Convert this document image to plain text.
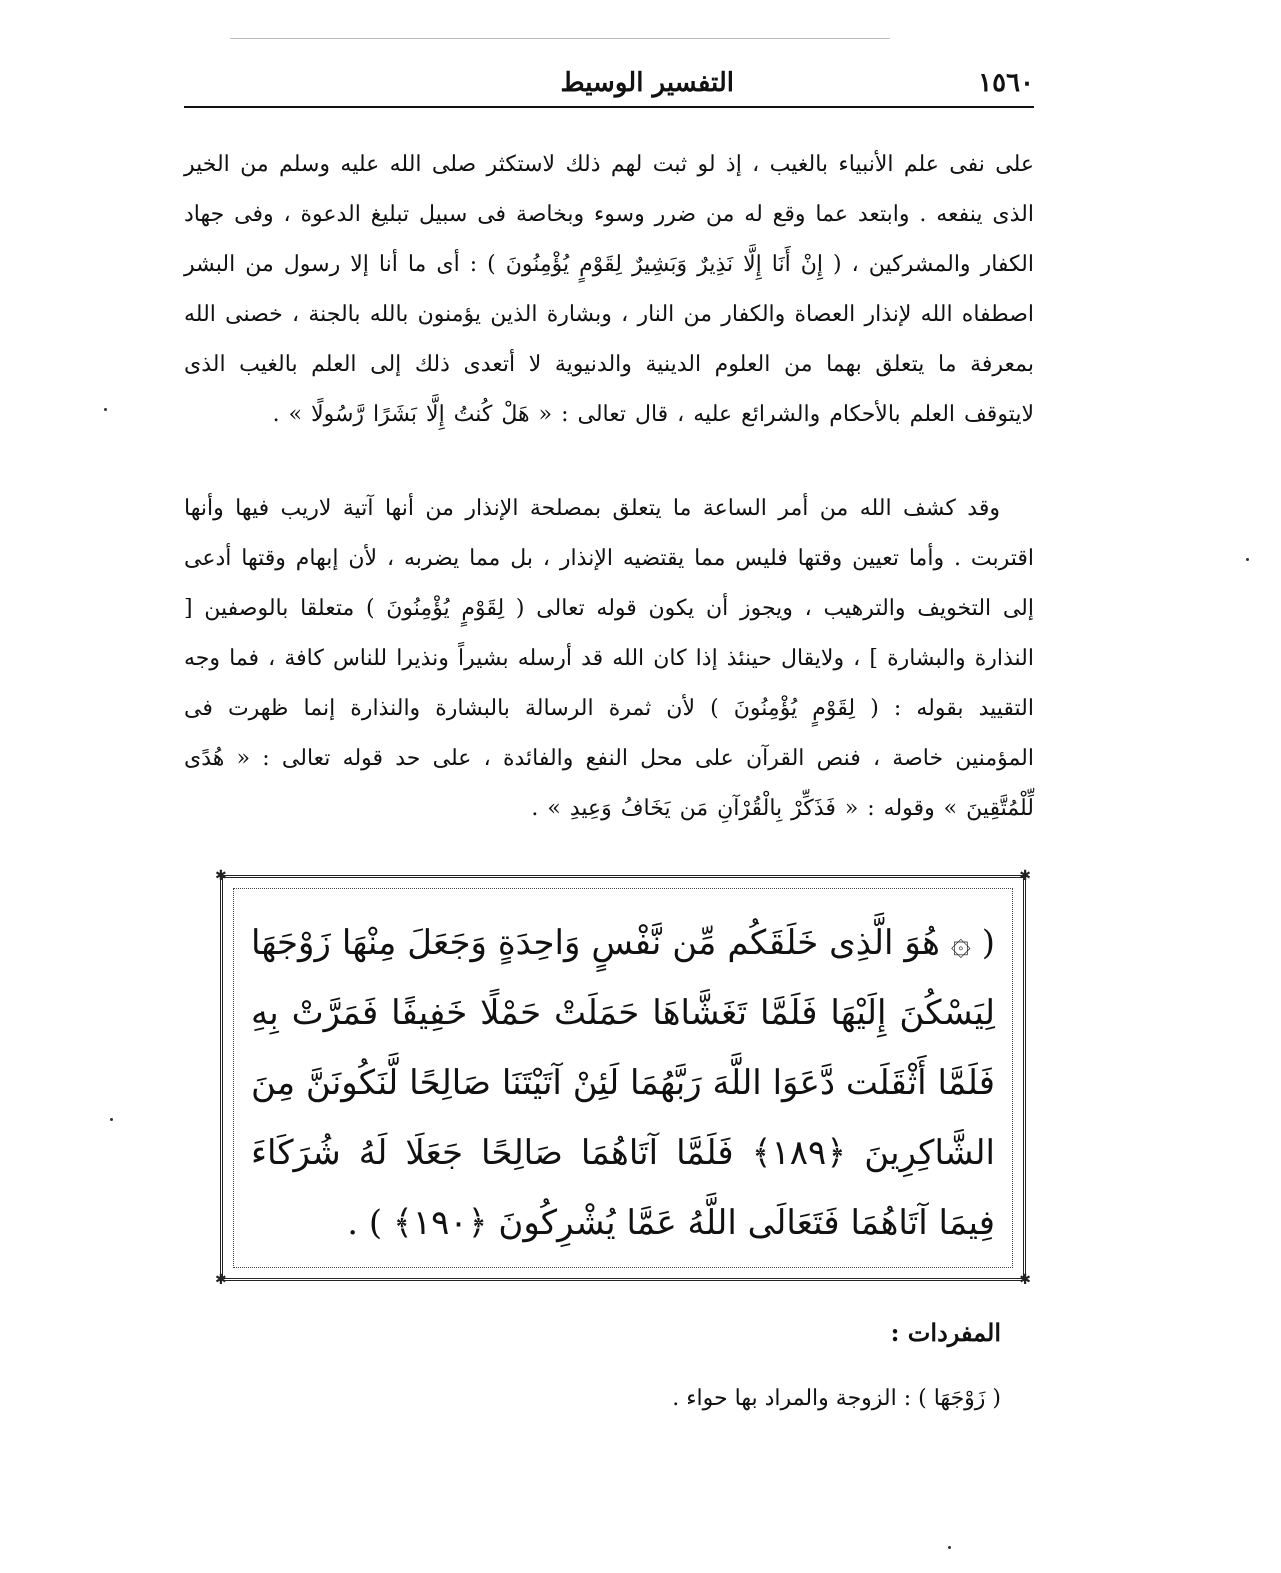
١٥٦٠
التفسير الوسيط

على نفى علم الأنبياء بالغيب ، إذ لو ثبت لهم ذلك لاستكثر صلى الله عليه وسلم من الخير الذى ينفعه . وابتعد عما وقع له من ضرر وسوء وبخاصة فى سبيل تبليغ الدعوة ، وفى جهاد الكفار والمشركين ، ( إِنْ أَنَا إِلَّا نَذِيرٌ وَبَشِيرٌ لِقَوْمٍ يُؤْمِنُونَ ) : أى ما أنا إلا رسول من البشر اصطفاه الله لإنذار العصاة والكفار من النار ، وبشارة الذين يؤمنون بالله بالجنة ، خصنى الله بمعرفة ما يتعلق بهما من العلوم الدينية والدنيوية لا أتعدى ذلك إلى العلم بالغيب الذى لايتوقف العلم بالأحكام والشرائع عليه ، قال تعالى : « هَلْ كُنتُ إِلَّا بَشَرًا رَّسُولًا » .

وقد كشف الله من أمر الساعة ما يتعلق بمصلحة الإنذار من أنها آتية لاريب فيها وأنها اقتربت . وأما تعيين وقتها فليس مما يقتضيه الإنذار ، بل مما يضربه ، لأن إبهام وقتها أدعى إلى التخويف والترهيب ، ويجوز أن يكون قوله تعالى ( لِقَوْمٍ يُؤْمِنُونَ ) متعلقا بالوصفين [ النذارة والبشارة ] ، ولايقال حينئذ إذا كان الله قد أرسله بشيراً ونذيرا للناس كافة ، فما وجه التقييد بقوله : ( لِقَوْمٍ يُؤْمِنُونَ ) لأن ثمرة الرسالة بالبشارة والنذارة إنما ظهرت فى المؤمنين خاصة ، فنص القرآن على محل النفع والفائدة ، على حد قوله تعالى : « هُدًى لِّلْمُتَّقِينَ » وقوله : « فَذَكِّرْ بِالْقُرْآنِ مَن يَخَافُ وَعِيدِ » .

✱	✱
✱	✱
( ۞ هُوَ الَّذِى خَلَقَكُم مِّن نَّفْسٍ وَاحِدَةٍ وَجَعَلَ مِنْهَا زَوْجَهَا لِيَسْكُنَ إِلَيْهَا فَلَمَّا تَغَشَّاهَا حَمَلَتْ حَمْلًا خَفِيفًا فَمَرَّتْ بِهِ فَلَمَّا أَثْقَلَت دَّعَوَا اللَّهَ رَبَّهُمَا لَئِنْ آتَيْتَنَا صَالِحًا لَّنَكُونَنَّ مِنَ الشَّاكِرِينَ ﴿١٨٩﴾ فَلَمَّا آتَاهُمَا صَالِحًا جَعَلَا لَهُ شُرَكَاءَ فِيمَا آتَاهُمَا فَتَعَالَى اللَّهُ عَمَّا يُشْرِكُونَ ﴿١٩٠﴾ ) .
المفردات :
( زَوْجَهَا ) : الزوجة والمراد بها حواء .
